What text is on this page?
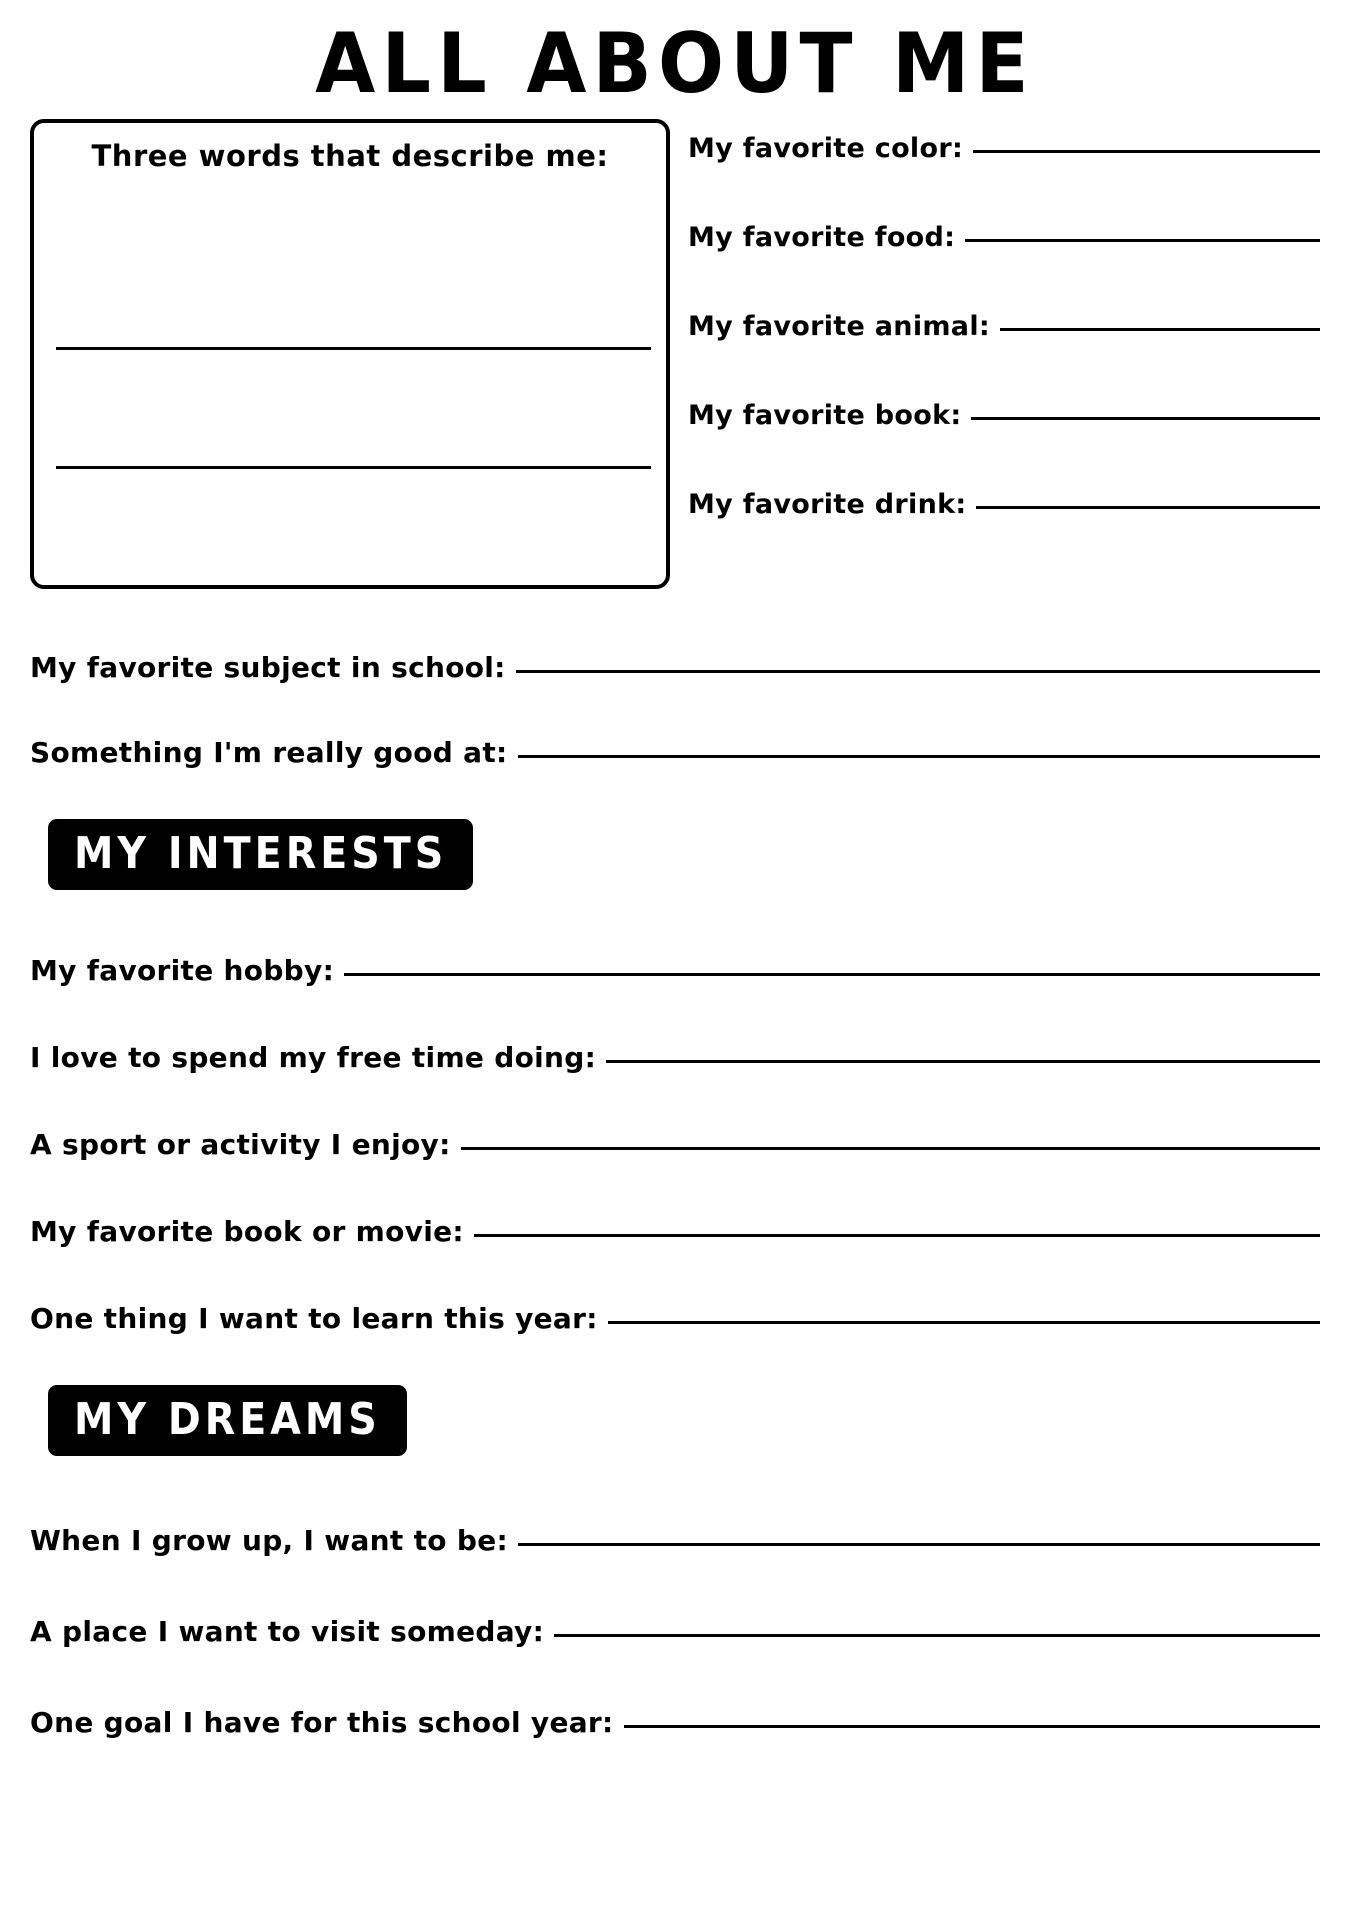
ALL ABOUT ME
Three words that describe me:	My favorite color:
My favorite food:
My favorite animal:
My favorite book:
My favorite drink:
My favorite subject in school:
Something I'm really good at:
MY INTERESTS
My favorite hobby:
I love to spend my free time doing:
A sport or activity I enjoy:
My favorite book or movie:
One thing I want to learn this year:
MY DREAMS
When I grow up, I want to be:
A place I want to visit someday:
One goal I have for this school year:
